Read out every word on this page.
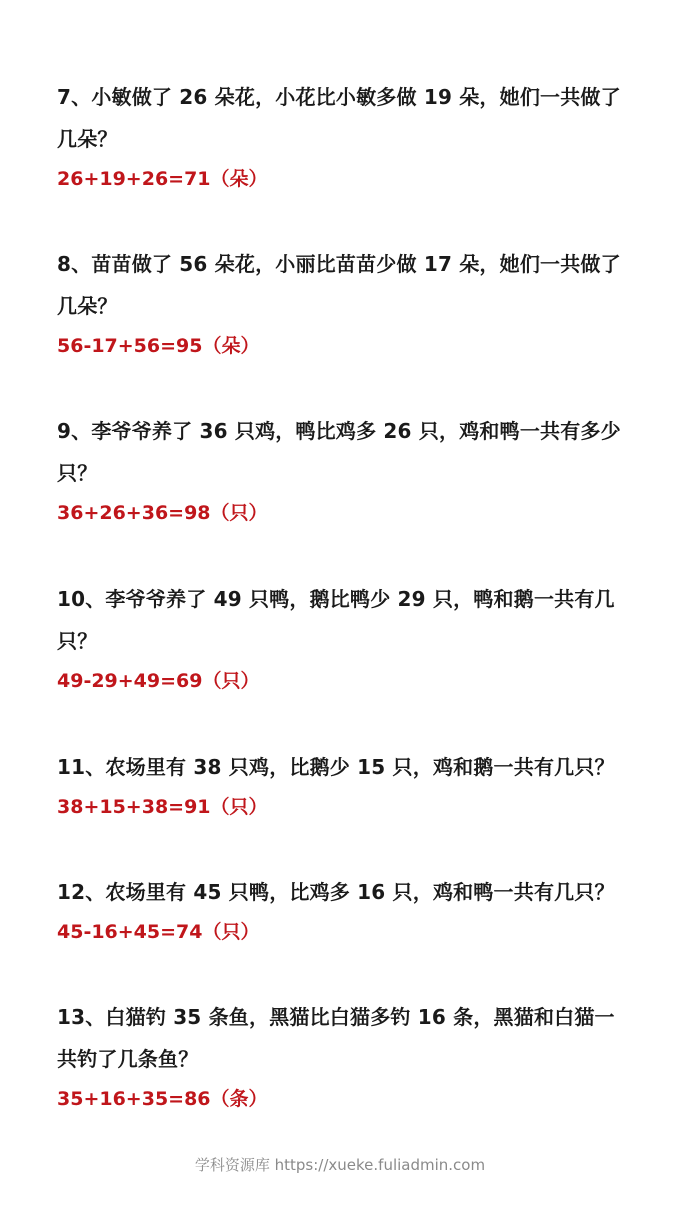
7、小敏做了 26 朵花，小花比小敏多做 19 朵，她们一共做了几朵？

26+19+26=71（朵）

8、苗苗做了 56 朵花，小丽比苗苗少做 17 朵，她们一共做了几朵？

56-17+56=95（朵）

9、李爷爷养了 36 只鸡，鸭比鸡多 26 只，鸡和鸭一共有多少只？

36+26+36=98（只）

10、李爷爷养了 49 只鸭，鹅比鸭少 29 只，鸭和鹅一共有几只？

49-29+49=69（只）

11、农场里有 38 只鸡，比鹅少 15 只，鸡和鹅一共有几只？

38+15+38=91（只）

12、农场里有 45 只鸭，比鸡多 16 只，鸡和鸭一共有几只？

45-16+45=74（只）

13、白猫钓 35 条鱼，黑猫比白猫多钓 16 条，黑猫和白猫一共钓了几条鱼？

35+16+35=86（条）

学科资源库 https://xueke.fuliadmin.com
